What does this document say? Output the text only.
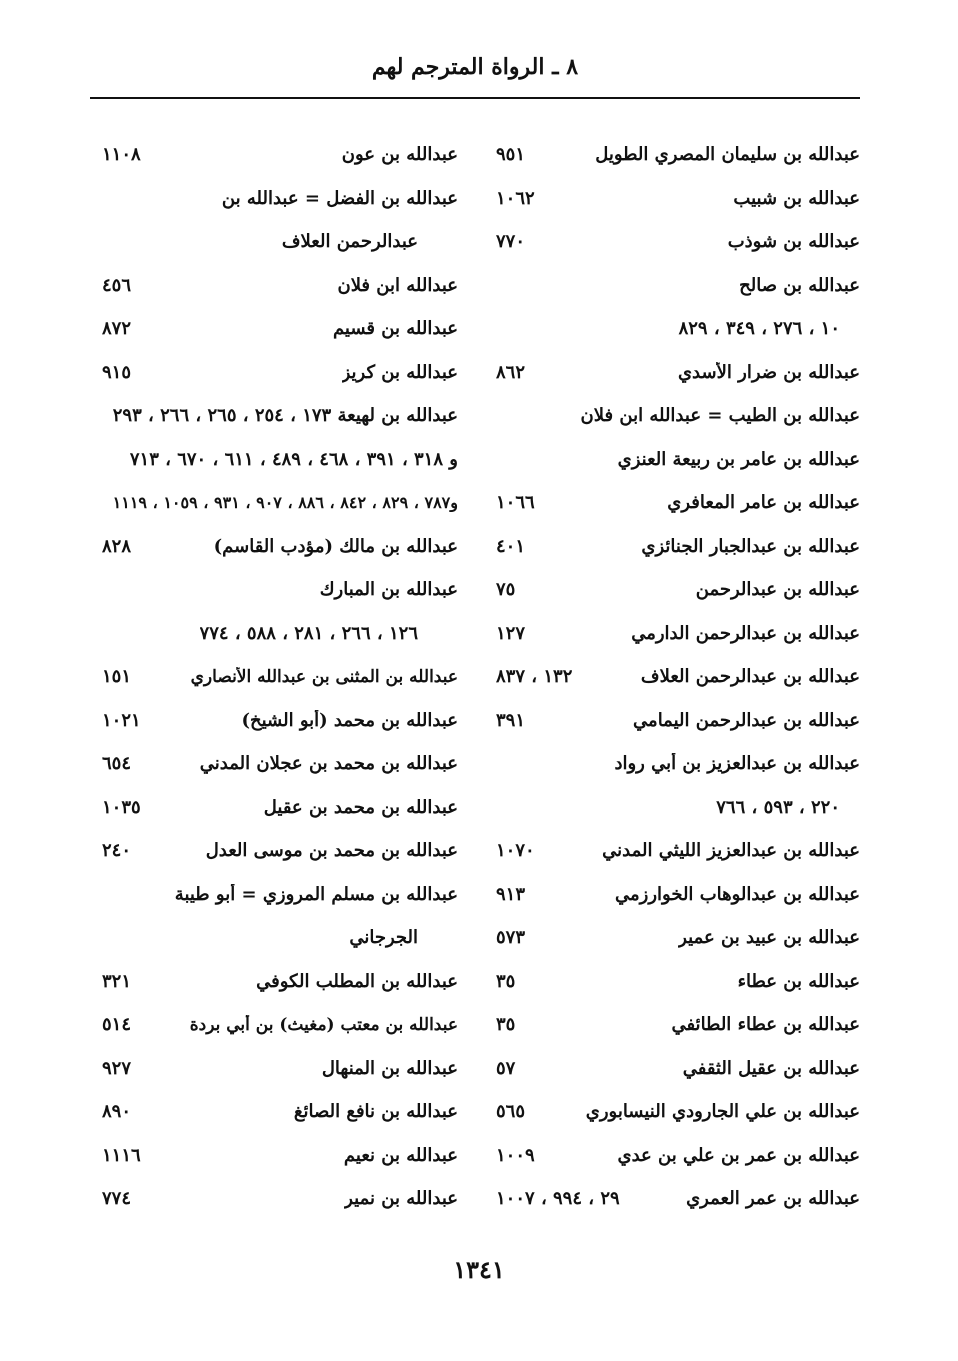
٨ ـ الرواة المترجم لهم
عبدالله بن سليمان المصري الطويل
٩٥١
عبدالله بن شبيب
١٠٦٢
عبدالله بن شوذب
٧٧٠
عبدالله بن صالح
١٠ ، ٢٧٦ ، ٣٤٩ ، ٨٢٩
عبدالله بن ضرار الأسدي
٨٦٢
عبدالله بن الطيب = عبدالله ابن فلان
عبدالله بن عامر بن ربيعة العنزي
عبدالله بن عامر المعافري
١٠٦٦
عبدالله بن عبدالجبار الجنائزي
٤٠١
عبدالله بن عبدالرحمن
٧٥
عبدالله بن عبدالرحمن الدارمي
١٢٧
عبدالله بن عبدالرحمن العلاف
١٣٢ ، ٨٣٧
عبدالله بن عبدالرحمن اليمامي
٣٩١
عبدالله بن عبدالعزيز بن أبي رواد
٢٢٠ ، ٥٩٣ ، ٧٦٦
عبدالله بن عبدالعزيز الليثي المدني
١٠٧٠
عبدالله بن عبدالوهاب الخوارزمي
٩١٣
عبدالله بن عبيد بن عمير
٥٧٣
عبدالله بن عطاء
٣٥
عبدالله بن عطاء الطائفي
٣٥
عبدالله بن عقيل الثقفي
٥٧
عبدالله بن علي الجارودي النيسابوري
٥٦٥
عبدالله بن عمر بن علي بن عدي
١٠٠٩
عبدالله بن عمر العمري
٢٩ ، ٩٩٤ ، ١٠٠٧
عبدالله بن عون
١١٠٨
عبدالله بن الفضل = عبدالله بن
عبدالرحمن العلاف
عبدالله ابن فلان
٤٥٦
عبدالله بن قسيم
٨٧٢
عبدالله بن كريز
٩١٥
عبدالله بن لهيعة ١٧٣ ، ٢٥٤ ، ٢٦٥ ، ٢٦٦ ، ٢٩٣
و ٣١٨ ، ٣٩١ ، ٤٦٨ ، ٤٨٩ ، ٦١١ ، ٦٧٠ ، ٧١٣
و٧٨٧ ، ٨٢٩ ، ٨٤٢ ، ٨٨٦ ، ٩٠٧ ، ٩٣١ ، ١٠٥٩ ، ١١١٩
عبدالله بن مالك (مؤدب القاسم)
٨٢٨
عبدالله بن المبارك
١٢٦ ، ٢٦٦ ، ٢٨١ ، ٥٨٨ ، ٧٧٤
عبدالله بن المثنى بن عبدالله الأنصاري
١٥١
عبدالله بن محمد (أبو الشيخ)
١٠٢١
عبدالله بن محمد بن عجلان المدني
٦٥٤
عبدالله بن محمد بن عقيل
١٠٣٥
عبدالله بن محمد بن موسى العدل
٢٤٠
عبدالله بن مسلم المروزي = أبو طيبة
الجرجاني
عبدالله بن المطلب الكوفي
٣٢١
عبدالله بن معتب (مغيث) بن أبي بردة
٥١٤
عبدالله بن المنهال
٩٢٧
عبدالله بن نافع الصائغ
٨٩٠
عبدالله بن نعيم
١١١٦
عبدالله بن نمير
٧٧٤
١٣٤١
